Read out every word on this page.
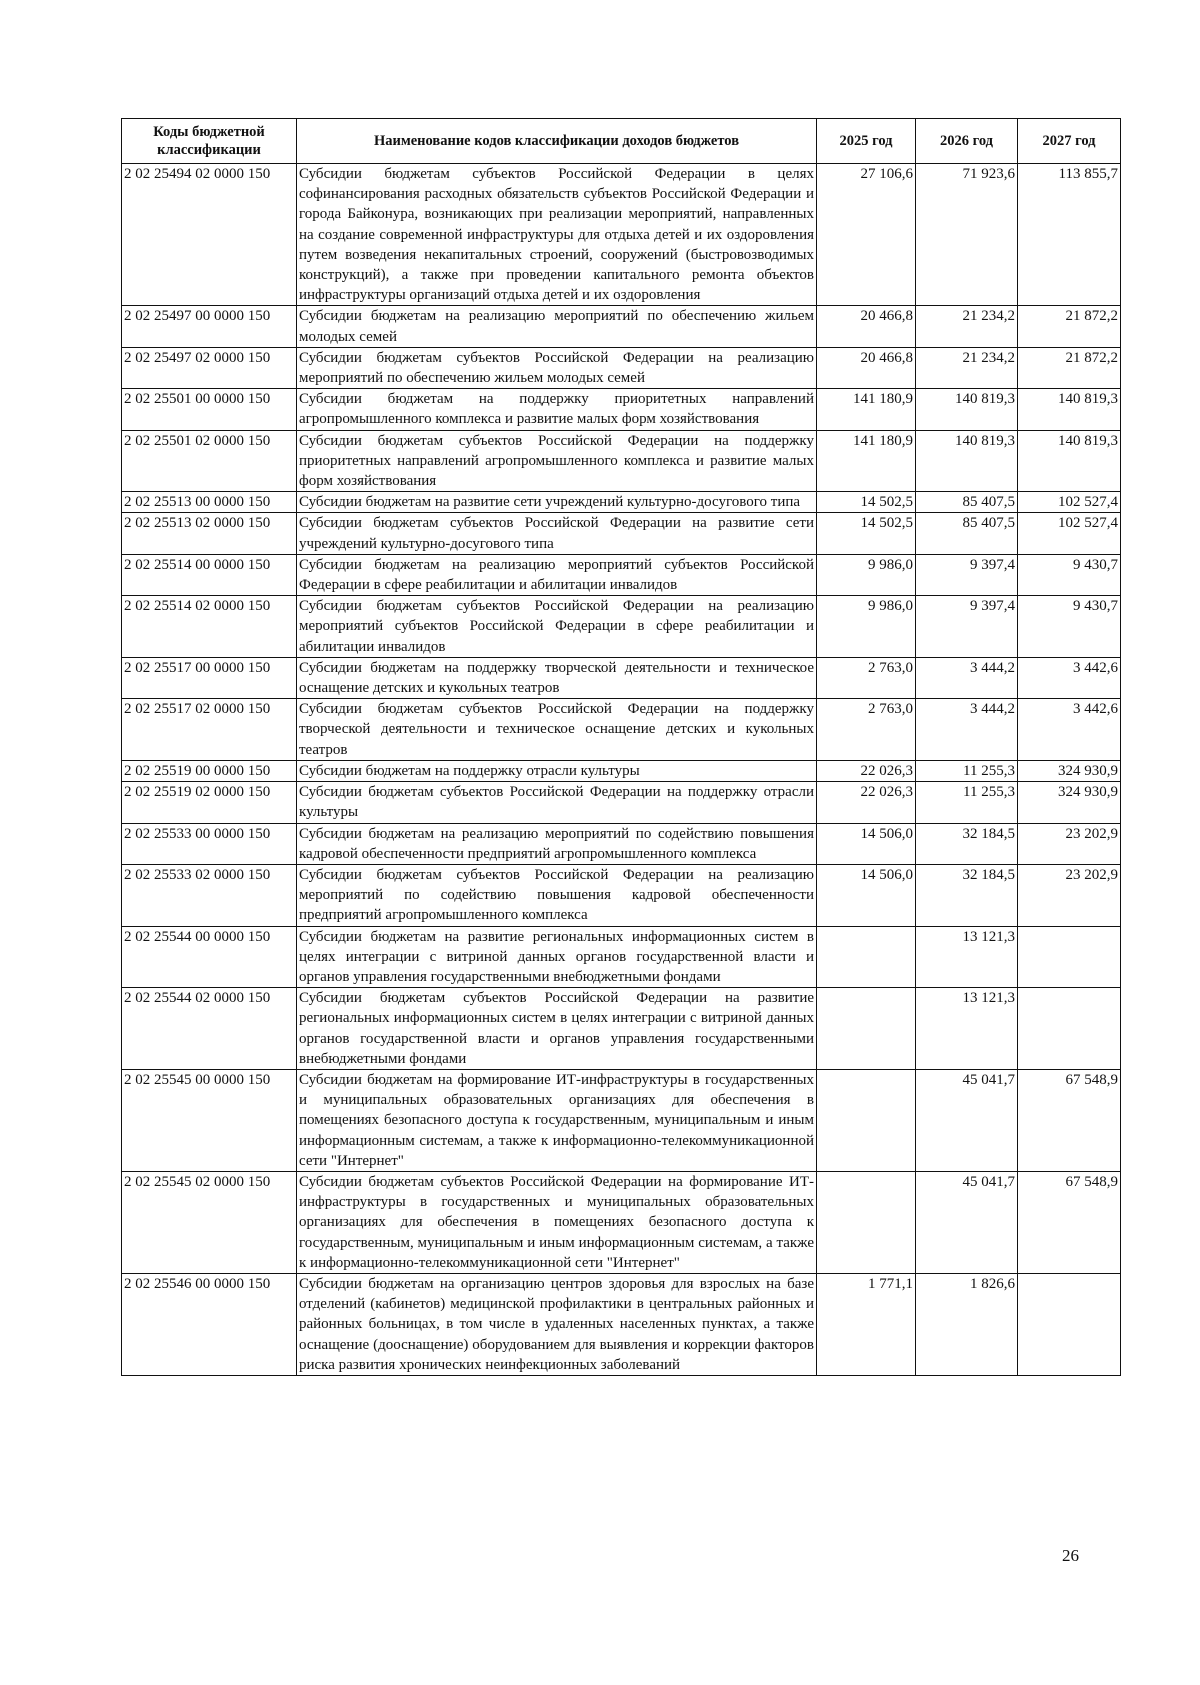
Коды бюджетной классификации	Наименование кодов классификации доходов бюджетов	2025 год	2026 год	2027 год
2 02 25494 02 0000 150	Субсидии бюджетам субъектов Российской Федерации в целях софинансирования расходных обязательств субъектов Российской Федерации и города Байконура, возникающих при реализации мероприятий, направленных на создание современной инфраструктуры для отдыха детей и их оздоровления путем возведения некапитальных строений, сооружений (быстровозводимых конструкций), а также при проведении капитального ремонта объектов инфраструктуры организаций отдыха детей и их оздоровления	27 106,6	71 923,6	113 855,7
2 02 25497 00 0000 150	Субсидии бюджетам на реализацию мероприятий по обеспечению жильем молодых семей	20 466,8	21 234,2	21 872,2
2 02 25497 02 0000 150	Субсидии бюджетам субъектов Российской Федерации на реализацию мероприятий по обеспечению жильем молодых семей	20 466,8	21 234,2	21 872,2
2 02 25501 00 0000 150	Субсидии бюджетам на поддержку приоритетных направлений агропромышленного комплекса и развитие малых форм хозяйствования	141 180,9	140 819,3	140 819,3
2 02 25501 02 0000 150	Субсидии бюджетам субъектов Российской Федерации на поддержку приоритетных направлений агропромышленного комплекса и развитие малых форм хозяйствования	141 180,9	140 819,3	140 819,3
2 02 25513 00 0000 150	Субсидии бюджетам на развитие сети учреждений культурно-досугового типа	14 502,5	85 407,5	102 527,4
2 02 25513 02 0000 150	Субсидии бюджетам субъектов Российской Федерации на развитие сети учреждений культурно-досугового типа	14 502,5	85 407,5	102 527,4
2 02 25514 00 0000 150	Субсидии бюджетам на реализацию мероприятий субъектов Российской Федерации в сфере реабилитации и абилитации инвалидов	9 986,0	9 397,4	9 430,7
2 02 25514 02 0000 150	Субсидии бюджетам субъектов Российской Федерации на реализацию мероприятий субъектов Российской Федерации в сфере реабилитации и абилитации инвалидов	9 986,0	9 397,4	9 430,7
2 02 25517 00 0000 150	Субсидии бюджетам на поддержку творческой деятельности и техническое оснащение детских и кукольных театров	2 763,0	3 444,2	3 442,6
2 02 25517 02 0000 150	Субсидии бюджетам субъектов Российской Федерации на поддержку творческой деятельности и техническое оснащение детских и кукольных театров	2 763,0	3 444,2	3 442,6
2 02 25519 00 0000 150	Субсидии бюджетам на поддержку отрасли культуры	22 026,3	11 255,3	324 930,9
2 02 25519 02 0000 150	Субсидии бюджетам субъектов Российской Федерации на поддержку отрасли культуры	22 026,3	11 255,3	324 930,9
2 02 25533 00 0000 150	Субсидии бюджетам на реализацию мероприятий по содействию повышения кадровой обеспеченности предприятий агропромышленного комплекса	14 506,0	32 184,5	23 202,9
2 02 25533 02 0000 150	Субсидии бюджетам субъектов Российской Федерации на реализацию мероприятий по содействию повышения кадровой обеспеченности предприятий агропромышленного комплекса	14 506,0	32 184,5	23 202,9
2 02 25544 00 0000 150	Субсидии бюджетам на развитие региональных информационных систем в целях интеграции с витриной данных органов государственной власти и органов управления государственными внебюджетными фондами		13 121,3	
2 02 25544 02 0000 150	Субсидии бюджетам субъектов Российской Федерации на развитие региональных информационных систем в целях интеграции с витриной данных органов государственной власти и органов управления государственными внебюджетными фондами		13 121,3	
2 02 25545 00 0000 150	Субсидии бюджетам на формирование ИТ-инфраструктуры в государственных и муниципальных образовательных организациях для обеспечения в помещениях безопасного доступа к государственным, муниципальным и иным информационным системам, а также к информационно-телекоммуникационной сети "Интернет"		45 041,7	67 548,9
2 02 25545 02 0000 150	Субсидии бюджетам субъектов Российской Федерации на формирование ИТ-инфраструктуры в государственных и муниципальных образовательных организациях для обеспечения в помещениях безопасного доступа к государственным, муниципальным и иным информационным системам, а также к информационно-телекоммуникационной сети "Интернет"		45 041,7	67 548,9
2 02 25546 00 0000 150	Субсидии бюджетам на организацию центров здоровья для взрослых на базе отделений (кабинетов) медицинской профилактики в центральных районных и районных больницах, в том числе в удаленных населенных пунктах, а также оснащение (дооснащение) оборудованием для выявления и коррекции факторов риска развития хронических неинфекционных заболеваний	1 771,1	1 826,6	
26
